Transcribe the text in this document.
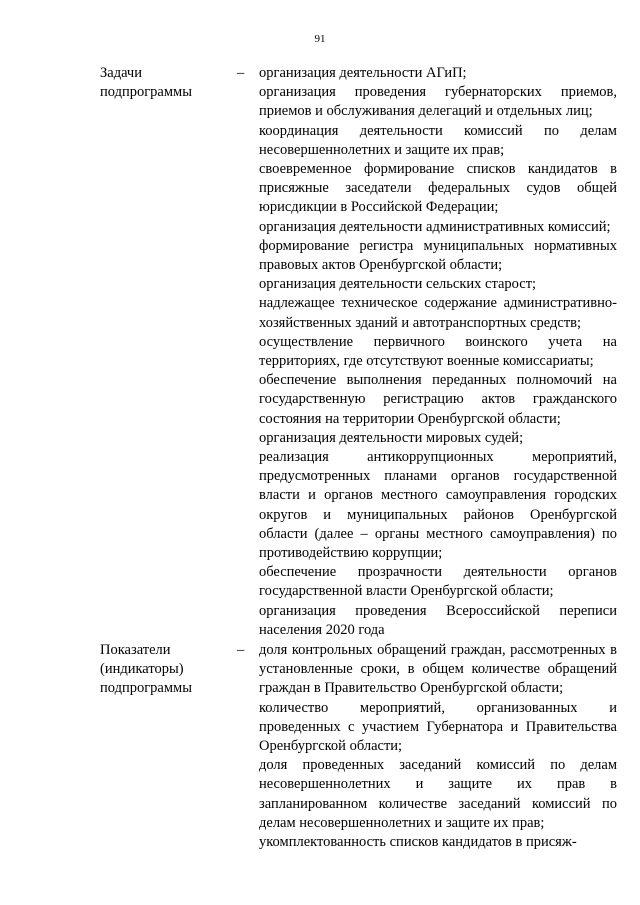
91
Задачи
подпрограммы
– организация деятельности АГиП;
организация проведения губернаторских приемов, приемов и обслуживания делегаций и отдельных лиц;
координация деятельности комиссий по делам несовершеннолетних и защите их прав;
своевременное формирование списков кандидатов в присяжные заседатели федеральных судов общей юрисдикции в Российской Федерации;
организация деятельности административных комиссий;
формирование регистра муниципальных нормативных правовых актов Оренбургской области;
организация деятельности сельских старост;
надлежащее техническое содержание административно-хозяйственных зданий и автотранспортных средств;
осуществление первичного воинского учета на территориях, где отсутствуют военные комиссариаты;
обеспечение выполнения переданных полномочий на государственную регистрацию актов гражданского состояния на территории Оренбургской области;
организация деятельности мировых судей;
реализация антикоррупционных мероприятий, предусмотренных планами органов государственной власти и органов местного самоуправления городских округов и муниципальных районов Оренбургской области (далее – органы местного самоуправления) по противодействию коррупции;
обеспечение прозрачности деятельности органов государственной власти Оренбургской области;
организация проведения Всероссийской переписи населения 2020 года
Показатели
(индикаторы)
подпрограммы
– доля контрольных обращений граждан, рассмотренных в установленные сроки, в общем количестве обращений граждан в Правительство Оренбургской области;
количество мероприятий, организованных и проведенных с участием Губернатора и Правительства Оренбургской области;
доля проведенных заседаний комиссий по делам несовершеннолетних и защите их прав в запланированном количестве заседаний комиссий по делам несовершеннолетних и защите их прав;
укомплектованность списков кандидатов в присяж-
